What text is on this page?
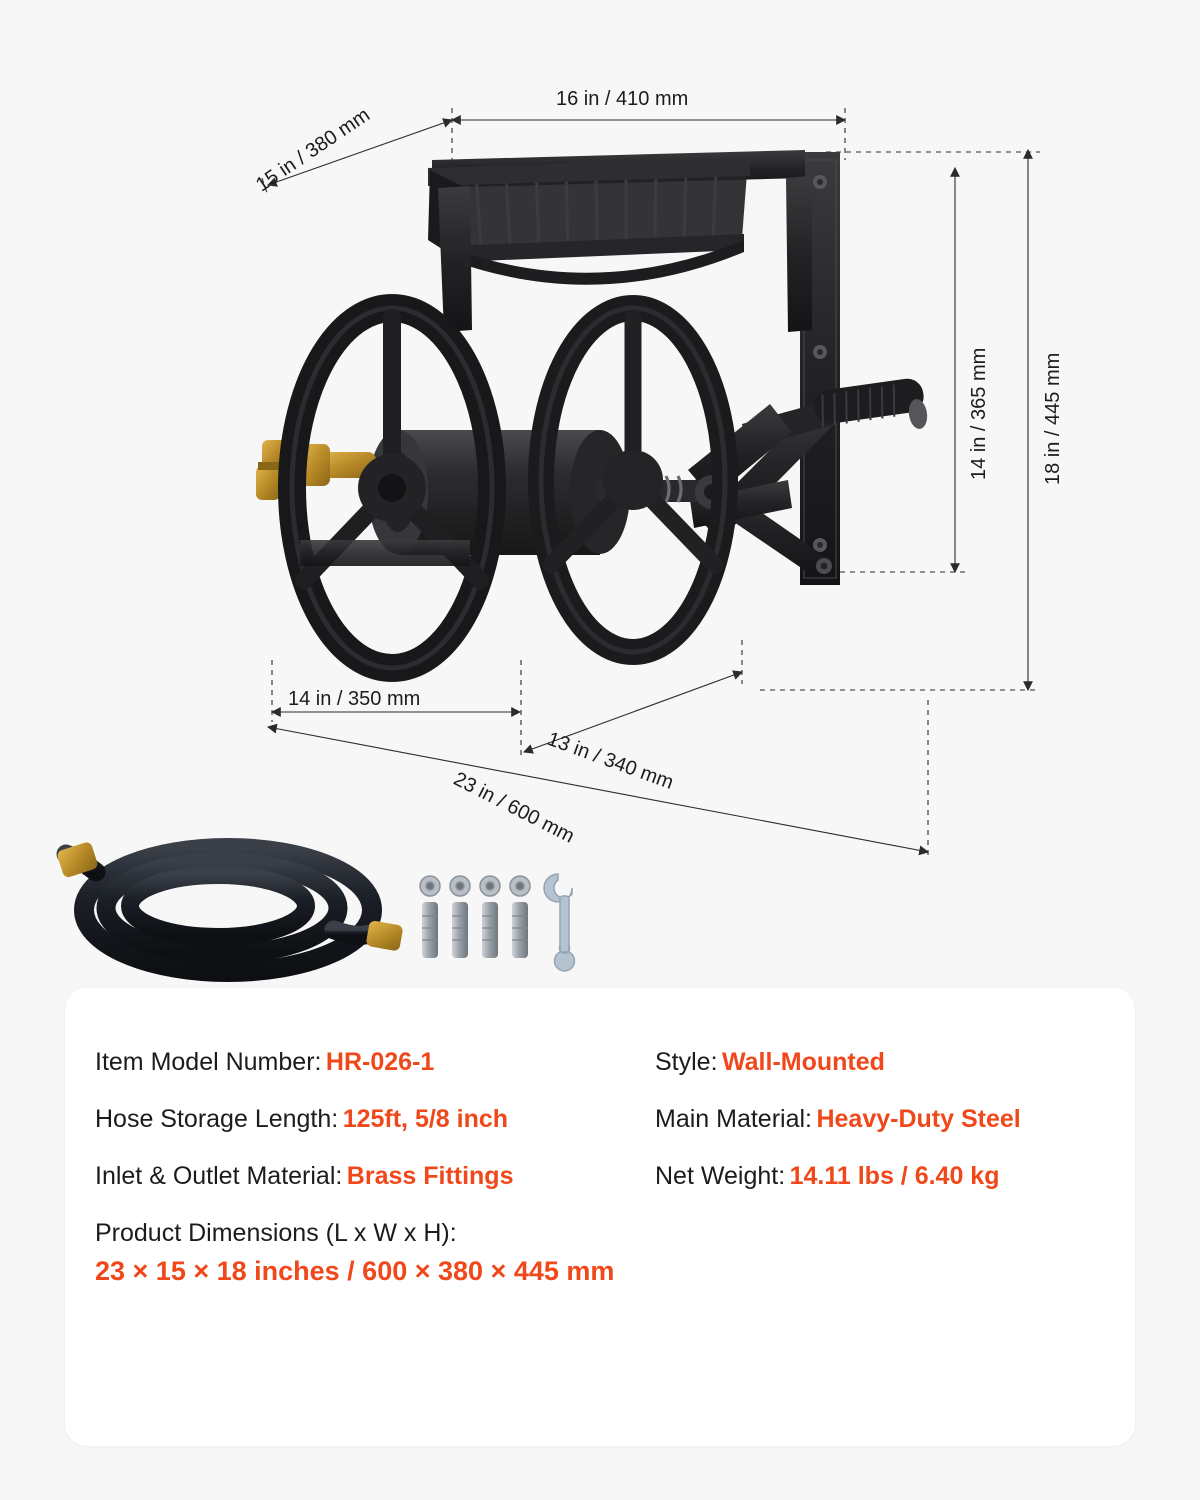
15 in / 380 mm
16 in / 410 mm
14 in / 365 mm	18 in / 445 mm
14 in / 350 mm
13 in / 340 mm
23 in / 600 mm
Item Model Number: HR-026-1	Style: Wall-Mounted
Hose Storage Length: 125ft, 5/8 inch	Main Material: Heavy-Duty Steel
Inlet & Outlet Material: Brass Fittings	Net Weight: 14.11 lbs / 6.40 kg
Product Dimensions (L x W x H):
23 × 15 × 18 inches / 600 × 380 × 445 mm
